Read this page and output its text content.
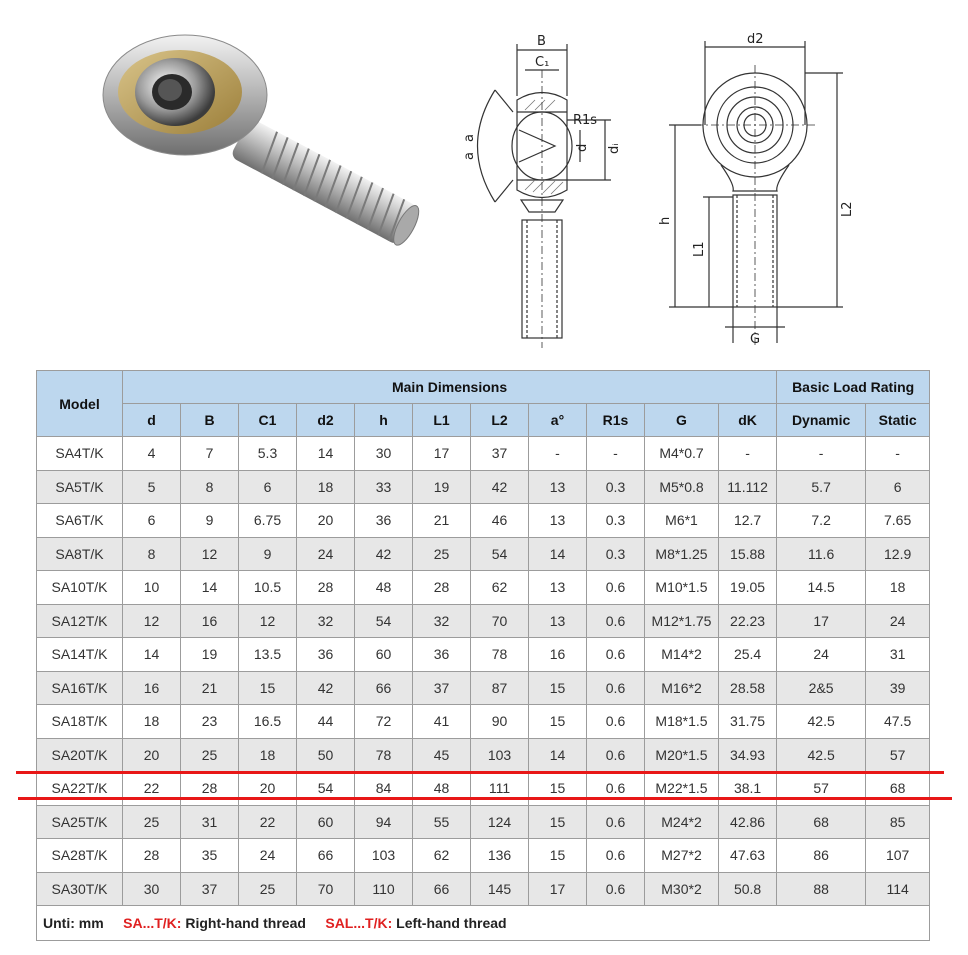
B
C₁
R1s
d dᵢ
a
a
d2
h
L1
L2
G
Model	Main Dimensions											Basic Load Rating	
	d	B	C1	d2	h	L1	L2	a°	R1s	G	dK	Dynamic	Static
SA4T/K	4	7	5.3	14	30	17	37	-	-	M4*0.7	-	-	-
SA5T/K	5	8	6	18	33	19	42	13	0.3	M5*0.8	11.112	5.7	6
SA6T/K	6	9	6.75	20	36	21	46	13	0.3	M6*1	12.7	7.2	7.65
SA8T/K	8	12	9	24	42	25	54	14	0.3	M8*1.25	15.88	11.6	12.9
SA10T/K	10	14	10.5	28	48	28	62	13	0.6	M10*1.5	19.05	14.5	18
SA12T/K	12	16	12	32	54	32	70	13	0.6	M12*1.75	22.23	17	24
SA14T/K	14	19	13.5	36	60	36	78	16	0.6	M14*2	25.4	24	31
SA16T/K	16	21	15	42	66	37	87	15	0.6	M16*2	28.58	2&5	39
SA18T/K	18	23	16.5	44	72	41	90	15	0.6	M18*1.5	31.75	42.5	47.5
SA20T/K	20	25	18	50	78	45	103	14	0.6	M20*1.5	34.93	42.5	57
SA22T/K	22	28	20	54	84	48	111	15	0.6	M22*1.5	38.1	57	68
SA25T/K	25	31	22	60	94	55	124	15	0.6	M24*2	42.86	68	85
SA28T/K	28	35	24	66	103	62	136	15	0.6	M27*2	47.63	86	107
SA30T/K	30	37	25	70	110	66	145	17	0.6	M30*2	50.8	88	114
Unti: mm SA...T/K: Right-hand thread SAL...T/K: Left-hand thread													
